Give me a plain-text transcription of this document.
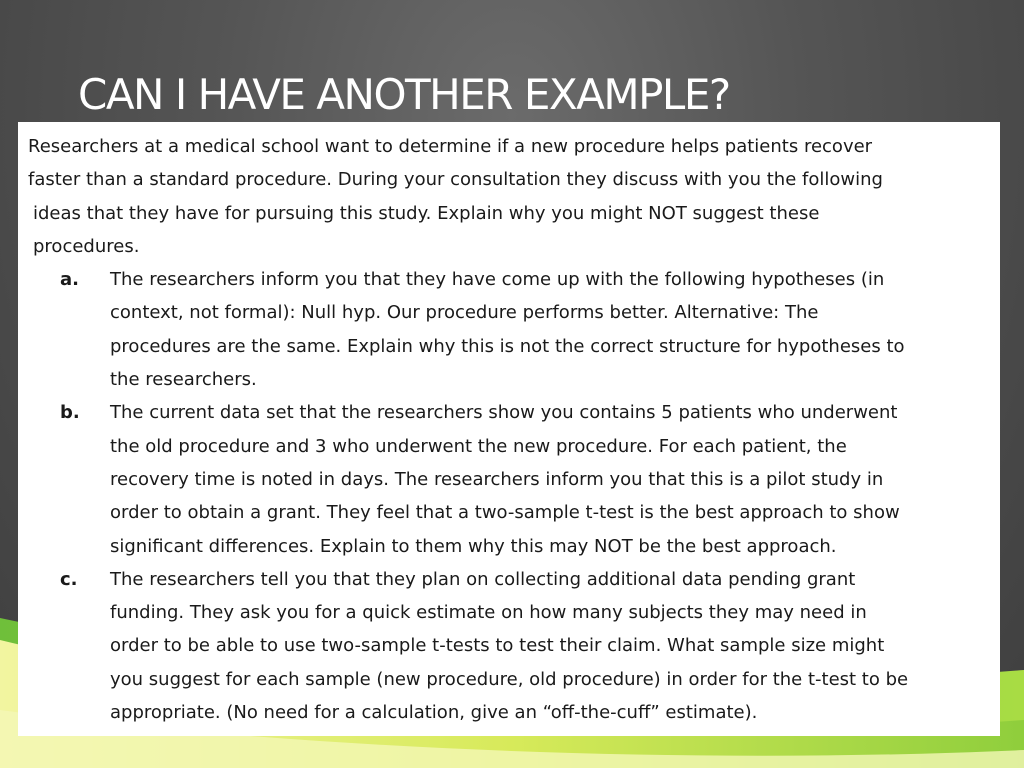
CAN I HAVE ANOTHER EXAMPLE?
Researchers at a medical school want to determine if a new procedure helps patients recover
faster than a standard procedure. During your consultation they discuss with you the following
ideas that they have for pursuing this study. Explain why you might NOT suggest these
procedures.
a.	The researchers inform you that they have come up with the following hypotheses (in
context, not formal): Null hyp. Our procedure performs better. Alternative: The
procedures are the same. Explain why this is not the correct structure for hypotheses to
the researchers.
b.	The current data set that the researchers show you contains 5 patients who underwent
the old procedure and 3 who underwent the new procedure. For each patient, the
recovery time is noted in days. The researchers inform you that this is a pilot study in
order to obtain a grant. They feel that a two-sample t-test is the best approach to show
significant differences. Explain to them why this may NOT be the best approach.
c.	The researchers tell you that they plan on collecting additional data pending grant
funding. They ask you for a quick estimate on how many subjects they may need in
order to be able to use two-sample t-tests to test their claim. What sample size might
you suggest for each sample (new procedure, old procedure) in order for the t-test to be
appropriate. (No need for a calculation, give an “off-the-cuff” estimate).
